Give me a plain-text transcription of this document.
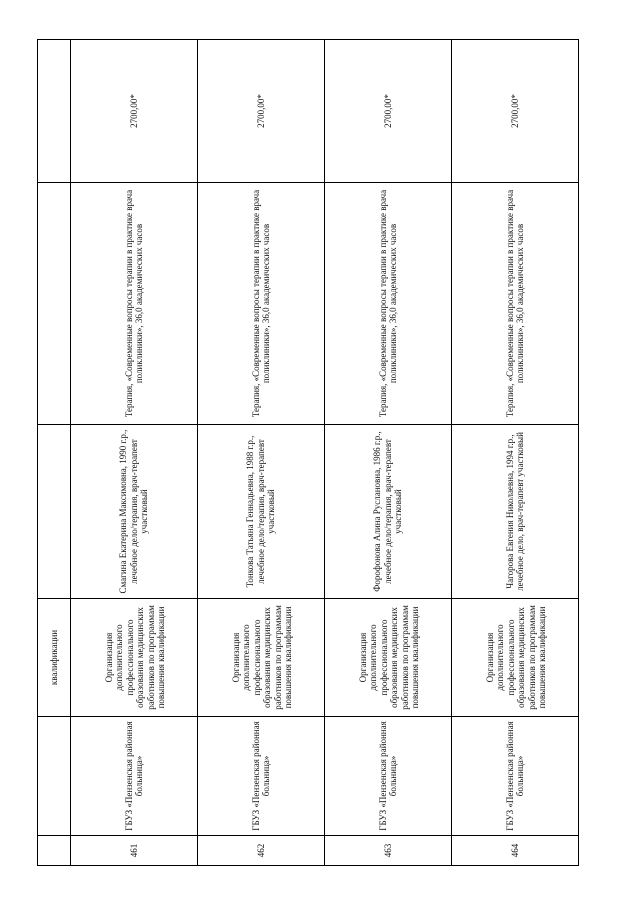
		квалификации			
461	ГБУЗ «Пензенская районная больница»	Организация дополнительного профессионального образования медицинских работников по программам повышения квалификации	Смагина Екатерина Максимовна, 1990 г.р., лечебное дело/терапия, врач-терапевт участковый	Терапия, «Современные вопросы терапии в практике врача поликлиники», 36,0 академических часов	2700,00*
462	ГБУЗ «Пензенская районная больница»	Организация дополнительного профессионального образования медицинских работников по программам повышения квалификации	Тонкова Татьяна Геннадьевна, 1988 г.р., лечебное дело/терапия, врач-терапевт участковый	Терапия, «Современные вопросы терапии в практике врача поликлиники», 36,0 академических часов	2700,00*
463	ГБУЗ «Пензенская районная больница»	Организация дополнительного профессионального образования медицинских работников по программам повышения квалификации	Форофонова Алина Руслановна, 1986 г.р., лечебное дело/терапия, врач-терапевт участковый	Терапия, «Современные вопросы терапии в практике врача поликлиники», 36,0 академических часов	2700,00*
464	ГБУЗ «Пензенская районная больница»	Организация дополнительного профессионального образования медицинских работников по программам повышения квалификации	Чагорова Евгения Николаевна, 1994 г.р., лечебное дело, врач-терапевт участковый	Терапия, «Современные вопросы терапии в практике врача поликлиники», 36,0 академических часов	2700,00*
